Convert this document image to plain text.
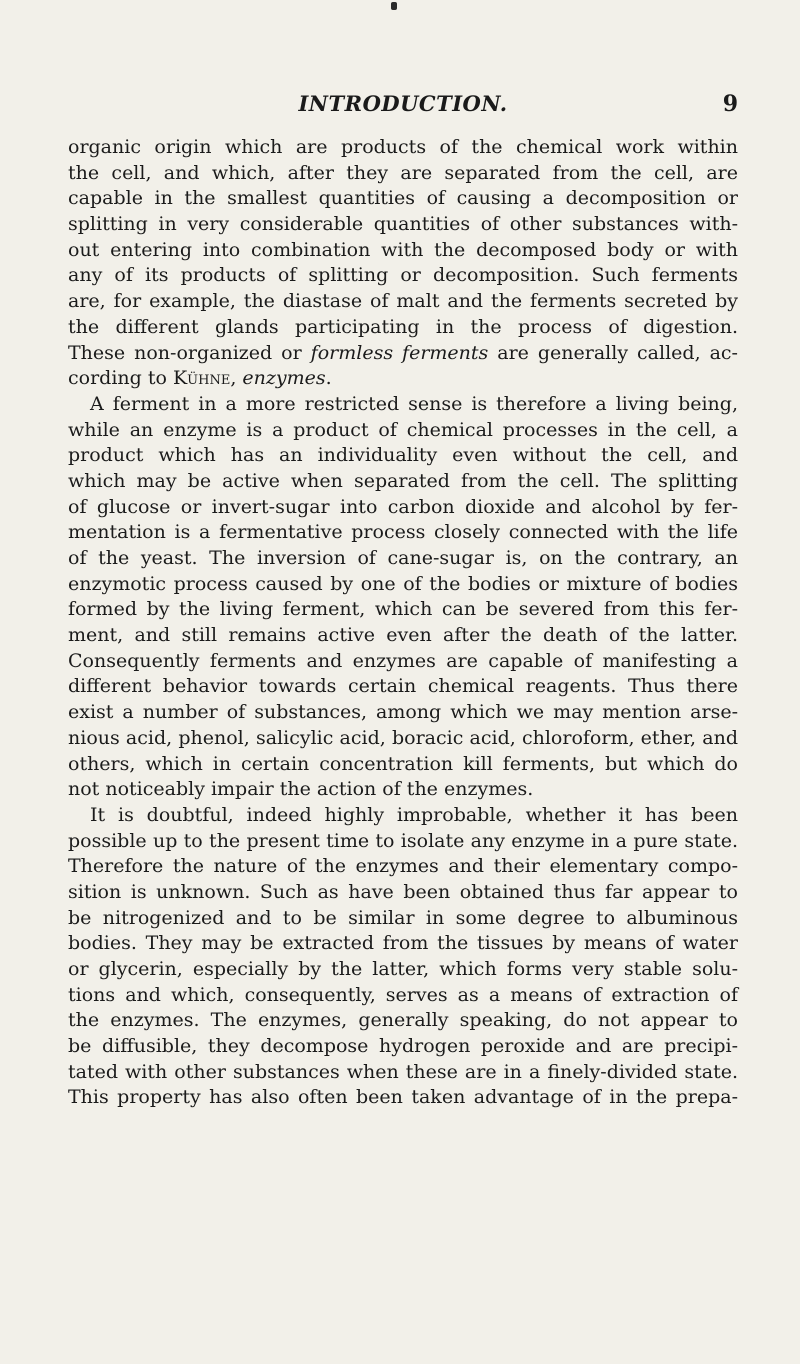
INTRODUCTION.	9

organic origin which are products of the chemical work within
the cell, and which, after they are separated from the cell, are
capable in the smallest quantities of causing a decomposition or
splitting in very considerable quantities of other substances with-
out entering into combination with the decomposed body or with
any of its products of splitting or decomposition. Such ferments
are, for example, the diastase of malt and the ferments secreted by
the different glands participating in the process of digestion.
These non-organized or formless ferments are generally called, ac-
cording to Kühne, enzymes.

A ferment in a more restricted sense is therefore a living being,
while an enzyme is a product of chemical processes in the cell, a
product which has an individuality even without the cell, and
which may be active when separated from the cell. The splitting
of glucose or invert-sugar into carbon dioxide and alcohol by fer-
mentation is a fermentative process closely connected with the life
of the yeast. The inversion of cane-sugar is, on the contrary, an
enzymotic process caused by one of the bodies or mixture of bodies
formed by the living ferment, which can be severed from this fer-
ment, and still remains active even after the death of the latter.
Consequently ferments and enzymes are capable of manifesting a
different behavior towards certain chemical reagents. Thus there
exist a number of substances, among which we may mention arse-
nious acid, phenol, salicylic acid, boracic acid, chloroform, ether, and
others, which in certain concentration kill ferments, but which do
not noticeably impair the action of the enzymes.

It is doubtful, indeed highly improbable, whether it has been
possible up to the present time to isolate any enzyme in a pure state.
Therefore the nature of the enzymes and their elementary compo-
sition is unknown. Such as have been obtained thus far appear to
be nitrogenized and to be similar in some degree to albuminous
bodies. They may be extracted from the tissues by means of water
or glycerin, especially by the latter, which forms very stable solu-
tions and which, consequently, serves as a means of extraction of
the enzymes. The enzymes, generally speaking, do not appear to
be diffusible, they decompose hydrogen peroxide and are precipi-
tated with other substances when these are in a finely-divided state.
This property has also often been taken advantage of in the prepa-
